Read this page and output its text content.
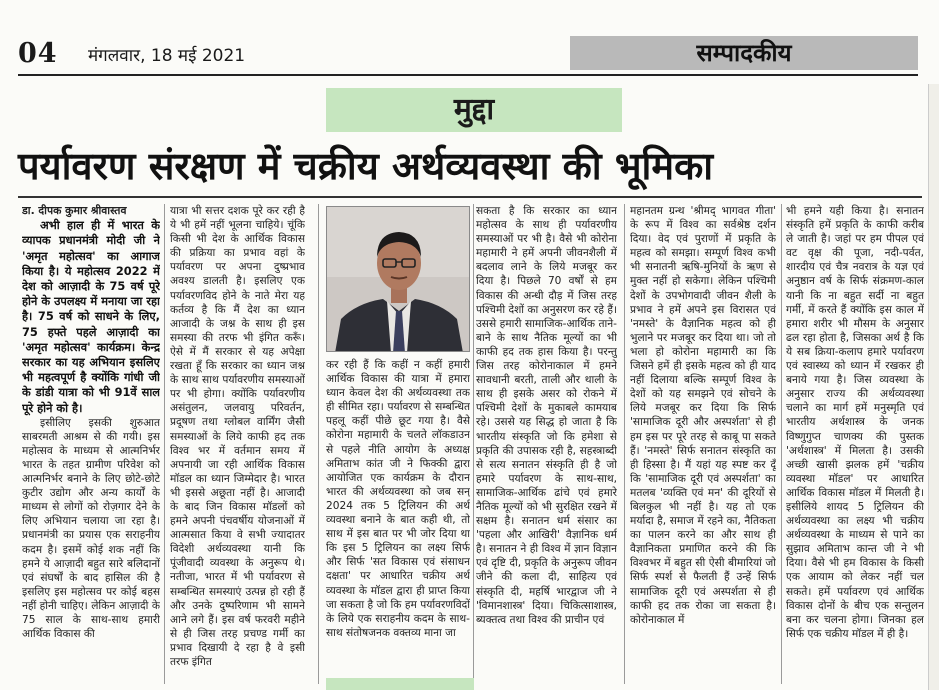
04 मंगलवार, 18 मई 2021	सम्पादकीय
मुद्दा
पर्यावरण संरक्षण में चक्रीय अर्थव्यवस्था की भूमिका

डा. दीपक कुमार श्रीवास्तव

अभी हाल ही में भारत के व्यापक प्रधानमंत्री मोदी जी ने 'अमृत महोत्सव' का आगाज किया है। ये महोत्सव 2022 में देश को आज़ादी के 75 वर्ष पूरे होने के उपलक्ष्य में मनाया जा रहा है। 75 वर्ष को साधने के लिए, 75 हफ्ते पहले आज़ादी का 'अमृत महोत्सव' कार्यक्रम। केन्द्र सरकार का यह अभियान इसलिए भी महत्वपूर्ण है क्योंकि गांधी जी के डांडी यात्रा को भी 91वें साल पूरे होने को है।

इसीलिए इसकी शुरुआत साबरमती आश्रम से की गयी। इस महोत्सव के माध्यम से आत्मनिर्भर भारत के तहत ग्रामीण परिवेश को आत्मनिर्भर बनाने के लिए छोटे-छोटे कुटीर उद्योग और अन्य कार्यों के माध्यम से लोगों को रोज़गार देने के लिए अभियान चलाया जा रहा है। प्रधानमंत्री का प्रयास एक सराहनीय कदम है। इसमें कोई शक नहीं कि हमने ये आज़ादी बहुत सारे बलिदानों एवं संघर्षों के बाद हासिल की है इसलिए इस महोत्सव पर कोई बहस नहीं होनी चाहिए। लेकिन आज़ादी के 75 साल के साथ-साथ हमारी आर्थिक विकास की

यात्रा भी सत्तर दशक पूरे कर रही है ये भी हमें नहीं भूलना चाहिये। चूंकि किसी भी देश के आर्थिक विकास की प्रक्रिया का प्रभाव वहां के पर्यावरण पर अपना दुष्प्रभाव अवश्य डालती है। इसलिए एक पर्यावरणविद होने के नाते मेरा यह कर्तव्य है कि मैं देश का ध्यान आजादी के जश्न के साथ ही इस समस्या की तरफ भी इंगित करूँ। ऐसे में मैं सरकार से यह अपेक्षा रखता हूँ कि सरकार का ध्यान जश्न के साथ साथ पर्यावरणीय समस्याओं पर भी होगा। क्योंकि पर्यावरणीय असंतुलन, जलवायु परिवर्तन, प्रदूषण तथा ग्लोबल वार्मिंग जैसी समस्याओं के लिये काफी हद तक विश्व भर में वर्तमान समय में अपनायी जा रही आर्थिक विकास मॉडल का ध्यान जिम्मेदार है। भारत भी इससे अछूता नहीं है। आजादी के बाद जिन विकास मॉडलों को हमने अपनी पंचवर्षीय योजनाओं में आत्मसात किया वे सभी ज्यादातर विदेशी अर्थव्यवस्था यानी कि पूंजीवादी व्यवस्था के अनुरूप थे। नतीजा, भारत में भी पर्यावरण से सम्बन्धित समस्याएं उत्पन्न हो रही हैं और उनके दुष्परिणाम भी सामने आने लगे हैं। इस वर्ष फरवरी महीने से ही जिस तरह प्रचण्ड गर्मी का प्रभाव दिखायी दे रहा है वे इसी तरफ इंगित

कर रही हैं कि कहीं न कहीं हमारी आर्थिक विकास की यात्रा में हमारा ध्यान केवल देश की अर्थव्यवस्था तक ही सीमित रहा। पर्यावरण से सम्बन्धित पहलू कहीं पीछे छूट गया है। वैसे कोरोना महामारी के चलते लॉकडाउन से पहले नीति आयोग के अध्यक्ष अमिताभ कांत जी ने फिक्की द्वारा आयोजित एक कार्यक्रम के दौरान भारत की अर्थव्यवस्था को जब सन् 2024 तक 5 ट्रिलियन की अर्थ व्यवस्था बनाने के बात कही थी, तो साथ में इस बात पर भी जोर दिया था कि इस 5 ट्रिलियन का लक्ष्य सिर्फ और सिर्फ 'सत विकास एवं संसाधन दक्षता' पर आधारित चक्रीय अर्थ व्यवस्था के मॉडल द्वारा ही प्राप्त किया जा सकता है जो कि हम पर्यावरणविदों के लिये एक सराहनीय कदम के साथ-साथ संतोषजनक वक्तव्य माना जा

सकता है कि सरकार का ध्यान महोत्सव के साथ ही पर्यावरणीय समस्याओं पर भी है। वैसे भी कोरोना महामारी ने हमें अपनी जीवनशैली में बदलाव लाने के लिये मजबूर कर दिया है। पिछले 70 वर्षों से हम विकास की अन्धी दौड़ में जिस तरह पश्चिमी देशों का अनुसरण कर रहे हैं। उससे हमारी सामाजिक-आर्थिक ताने-बाने के साथ नैतिक मूल्यों का भी काफी हद तक हास किया है। परन्तु जिस तरह कोरोनाकाल में हमने सावधानी बरती, ताली और थाली के साथ ही इसके असर को रोकने में पश्चिमी देशों के मुकाबले कामयाब रहे। उससे यह सिद्ध हो जाता है कि भारतीय संस्कृति जो कि हमेशा से प्रकृति की उपासक रही है, सहस्त्राब्दी से सत्य सनातन संस्कृति ही है जो हमारे पर्यावरण के साथ-साथ, सामाजिक-आर्थिक ढांचे एवं हमारे नैतिक मूल्यों को भी सुरक्षित रखने में सक्षम है। सनातन धर्म संसार का 'पहला और आखिरी' वैज्ञानिक धर्म है। सनातन ने ही विश्व में ज्ञान विज्ञान एवं दृष्टि दी, प्रकृति के अनुरूप जीवन जीने की कला दी, साहित्य एवं संस्कृति दी, महर्षि भारद्वाज जी ने 'विमानशास्त्र' दिया। चिकित्साशास्त्र, ब्यक्तत्व तथा विश्व की प्राचीन एवं

महानतम ग्रन्थ 'श्रीमद् भागवत गीता' के रूप में विश्व का सर्वश्रेष्ठ दर्शन दिया। वेद एवं पुराणों में प्रकृति के महत्व को समझा। सम्पूर्ण विश्व कभी भी सनातनी ऋषि-मुनियों के ऋण से मुक्त नहीं हो सकेगा। लेकिन पश्चिमी देशों के उपभोगवादी जीवन शैली के प्रभाव ने हमें अपने इस विरासत एवं 'नमस्ते' के वैज्ञानिक महत्व को ही भुलाने पर मजबूर कर दिया था। जो तो भला हो कोरोना महामारी का कि जिसने हमें ही इसके महत्व को ही याद नहीं दिलाया बल्कि सम्पूर्ण विश्व के देशों को यह समझने एवं सोचने के लिये मजबूर कर दिया कि सिर्फ 'सामाजिक दूरी और अस्पर्शता' से ही हम इस पर पूरे तरह से काबू पा सकते हैं। 'नमस्ते' सिर्फ सनातन संस्कृति का ही हिस्सा है। मैं यहां यह स्पष्ट कर दूँ कि 'सामाजिक दूरी एवं अस्पर्शता' का मतलब 'व्यक्ति एवं मन' की दूरियों से बिलकुल भी नहीं है। यह तो एक मर्यादा है, समाज में रहने का, नैतिकता का पालन करने का और साथ ही वैज्ञानिकता प्रमाणित करने की कि विश्वभर में बहुत सी ऐसी बीमारियां जो सिर्फ स्पर्श से फैलती हैं उन्हें सिर्फ सामाजिक दूरी एवं अस्पर्शता से ही काफी हद तक रोका जा सकता है। कोरोनाकाल में

भी हमने यही किया है। सनातन संस्कृति हमें प्रकृति के काफी करीब ले जाती है। जहां पर हम पीपल एवं वट वृक्ष की पूजा, नदी-पर्वत, शारदीय एवं चैत्र नवरात्र के यज्ञ एवं अनुष्ठान वर्ष के सिर्फ संक्रमण-काल यानी कि ना बहुत सर्दी ना बहुत गर्मी, में करते हैं क्योंकि इस काल में हमारा शरीर भी मौसम के अनुसार ढल रहा होता है, जिसका अर्थ है कि ये सब क्रिया-कलाप हमारे पर्यावरण एवं स्वास्थ्य को ध्यान में रखकर ही बनाये गया है। जिस व्यवस्था के अनुसार राज्य की अर्थव्यवस्था चलाने का मार्ग हमें मनुस्मृति एवं भारतीय अर्थशास्त्र के जनक विष्णुगुप्त चाणक्य की पुस्तक 'अर्थशास्त्र' में मिलता है। उसकी अच्छी खासी झलक हमें 'चक्रीय व्यवस्था मॉडल' पर आधारित आर्थिक विकास मॉडल में मिलती है। इसीलिये शायद 5 ट्रिलियन की अर्थव्यवस्था का लक्ष्य भी चक्रीय अर्थव्यवस्था के माध्यम से पाने का सुझाव अमिताभ कान्त जी ने भी दिया। वैसे भी हम विकास के किसी एक आयाम को लेकर नहीं चल सकते। हमें पर्यावरण एवं आर्थिक विकास दोनों के बीच एक सन्तुलन बना कर चलना होगा। जिनका हल सिर्फ एक चक्रीय मॉडल में ही है।
